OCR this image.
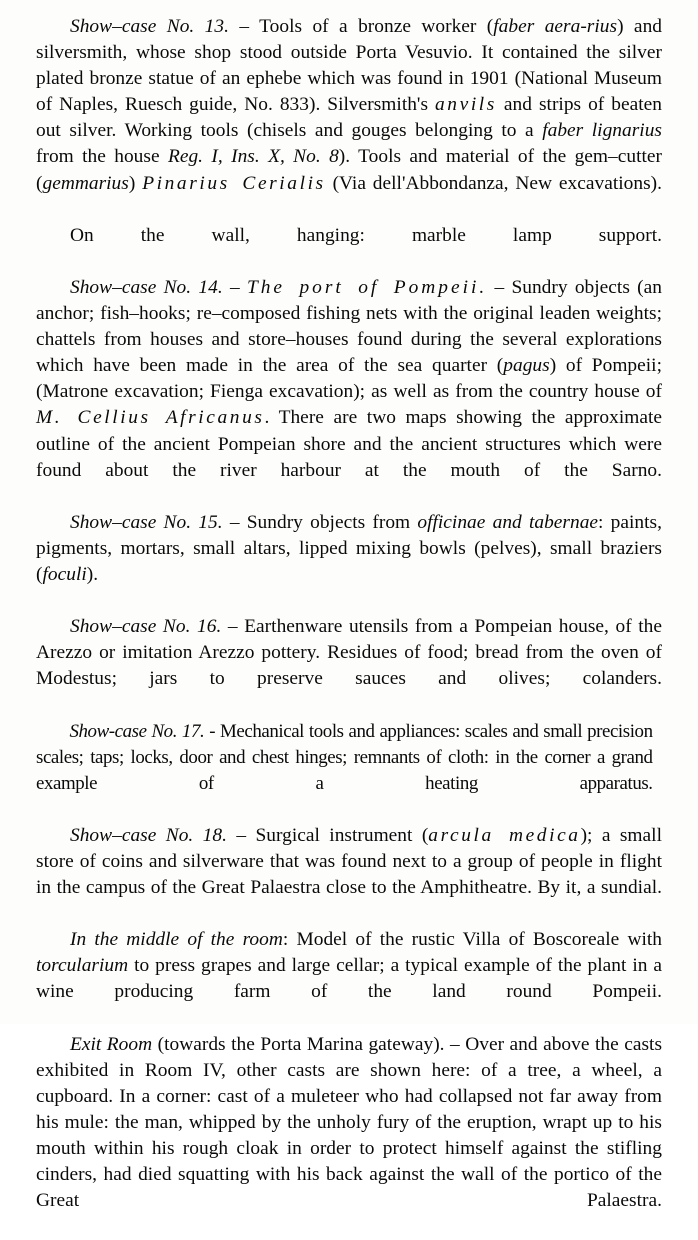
Show–case No. 13. – Tools of a bronze worker (faber aera-rius) and silversmith, whose shop stood outside Porta Vesuvio. It contained the silver plated bronze statue of an ephebe which was found in 1901 (National Museum of Naples, Ruesch guide, No. 833). Silversmith's anvils and strips of beaten out silver. Working tools (chisels and gouges belonging to a faber lignarius from the house Reg. I, Ins. X, No. 8). Tools and material of the gem–cutter (gemmarius) Pinarius Cerialis (Via dell'Abbondanza, New excavations).

On the wall, hanging: marble lamp support.

Show–case No. 14. – The port of Pompeii. – Sundry objects (an anchor; fish–hooks; re–composed fishing nets with the original leaden weights; chattels from houses and store–houses found during the several explorations which have been made in the area of the sea quarter (pagus) of Pompeii; (Matrone excavation; Fienga excavation); as well as from the country house of M. Cellius Africanus. There are two maps showing the approximate outline of the ancient Pompeian shore and the ancient structures which were found about the river harbour at the mouth of the Sarno.

Show–case No. 15. – Sundry objects from officinae and tabernae: paints, pigments, mortars, small altars, lipped mixing bowls (pelves), small braziers (foculi).

Show–case No. 16. – Earthenware utensils from a Pompeian house, of the Arezzo or imitation Arezzo pottery. Residues of food; bread from the oven of Modestus; jars to preserve sauces and olives; colanders.

Show-case No. 17. - Mechanical tools and appliances: scales and small precision scales; taps; locks, door and chest hinges; remnants of cloth: in the corner a grand example of a heating apparatus.

Show–case No. 18. – Surgical instrument (arcula medica); a small store of coins and silverware that was found next to a group of people in flight in the campus of the Great Palaestra close to the Amphitheatre. By it, a sundial.

In the middle of the room: Model of the rustic Villa of Boscoreale with torcularium to press grapes and large cellar; a typical example of the plant in a wine producing farm of the land round Pompeii.

Exit Room (towards the Porta Marina gateway). – Over and above the casts exhibited in Room IV, other casts are shown here: of a tree, a wheel, a cupboard. In a corner: cast of a muleteer who had collapsed not far away from his mule: the man, whipped by the unholy fury of the eruption, wrapt up to his mouth within his rough cloak in order to protect himself against the stifling cinders, had died squatting with his back against the wall of the portico of the Great Palaestra.
